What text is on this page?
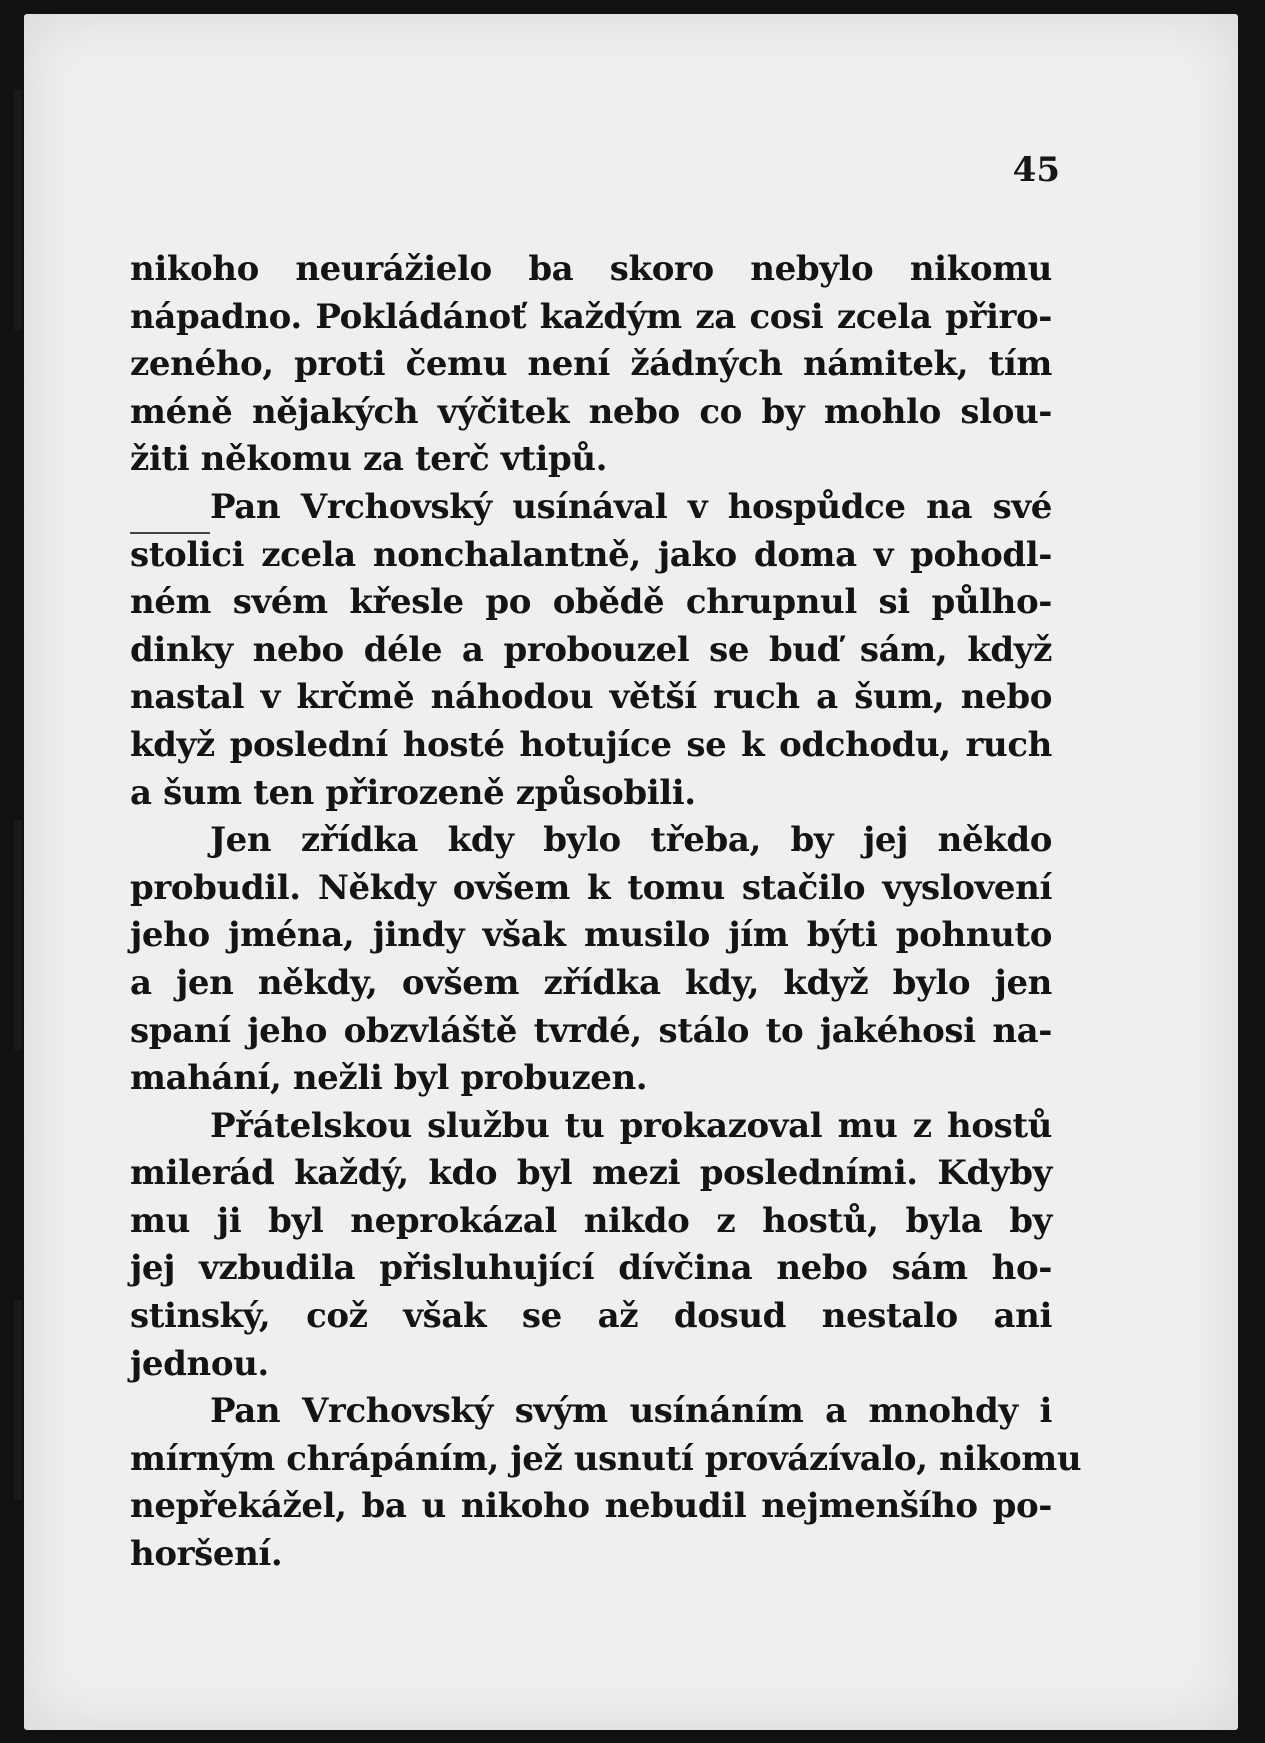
45
nikoho neurážielo ba skoro nebylo nikomu
nápadno. Pokládánoť každým za cosi zcela přiro-
zeného, proti čemu není žádných námitek, tím
méně nějakých výčitek nebo co by mohlo slou-
žiti někomu za terč vtipů.
Pan Vrchovský usínával v hospůdce na své
stolici zcela nonchalantně, jako doma v pohodl-
ném svém křesle po obědě chrupnul si půlho-
dinky nebo déle a probouzel se buď sám, když
nastal v krčmě náhodou větší ruch a šum, nebo
když poslední hosté hotujíce se k odchodu, ruch
a šum ten přirozeně způsobili.
Jen zřídka kdy bylo třeba, by jej někdo
probudil. Někdy ovšem k tomu stačilo vyslovení
jeho jména, jindy však musilo jím býti pohnuto
a jen někdy, ovšem zřídka kdy, když bylo jen
spaní jeho obzvláště tvrdé, stálo to jakéhosi na-
mahání, nežli byl probuzen.
Přátelskou službu tu prokazoval mu z hostů
milerád každý, kdo byl mezi posledními. Kdyby
mu ji byl neprokázal nikdo z hostů, byla by
jej vzbudila přisluhující dívčina nebo sám ho-
stinský, což však se až dosud nestalo ani
jednou.
Pan Vrchovský svým usínáním a mnohdy i
mírným chrápáním, jež usnutí provázívalo, nikomu
nepřekážel, ba u nikoho nebudil nejmenšího po-
horšení.
